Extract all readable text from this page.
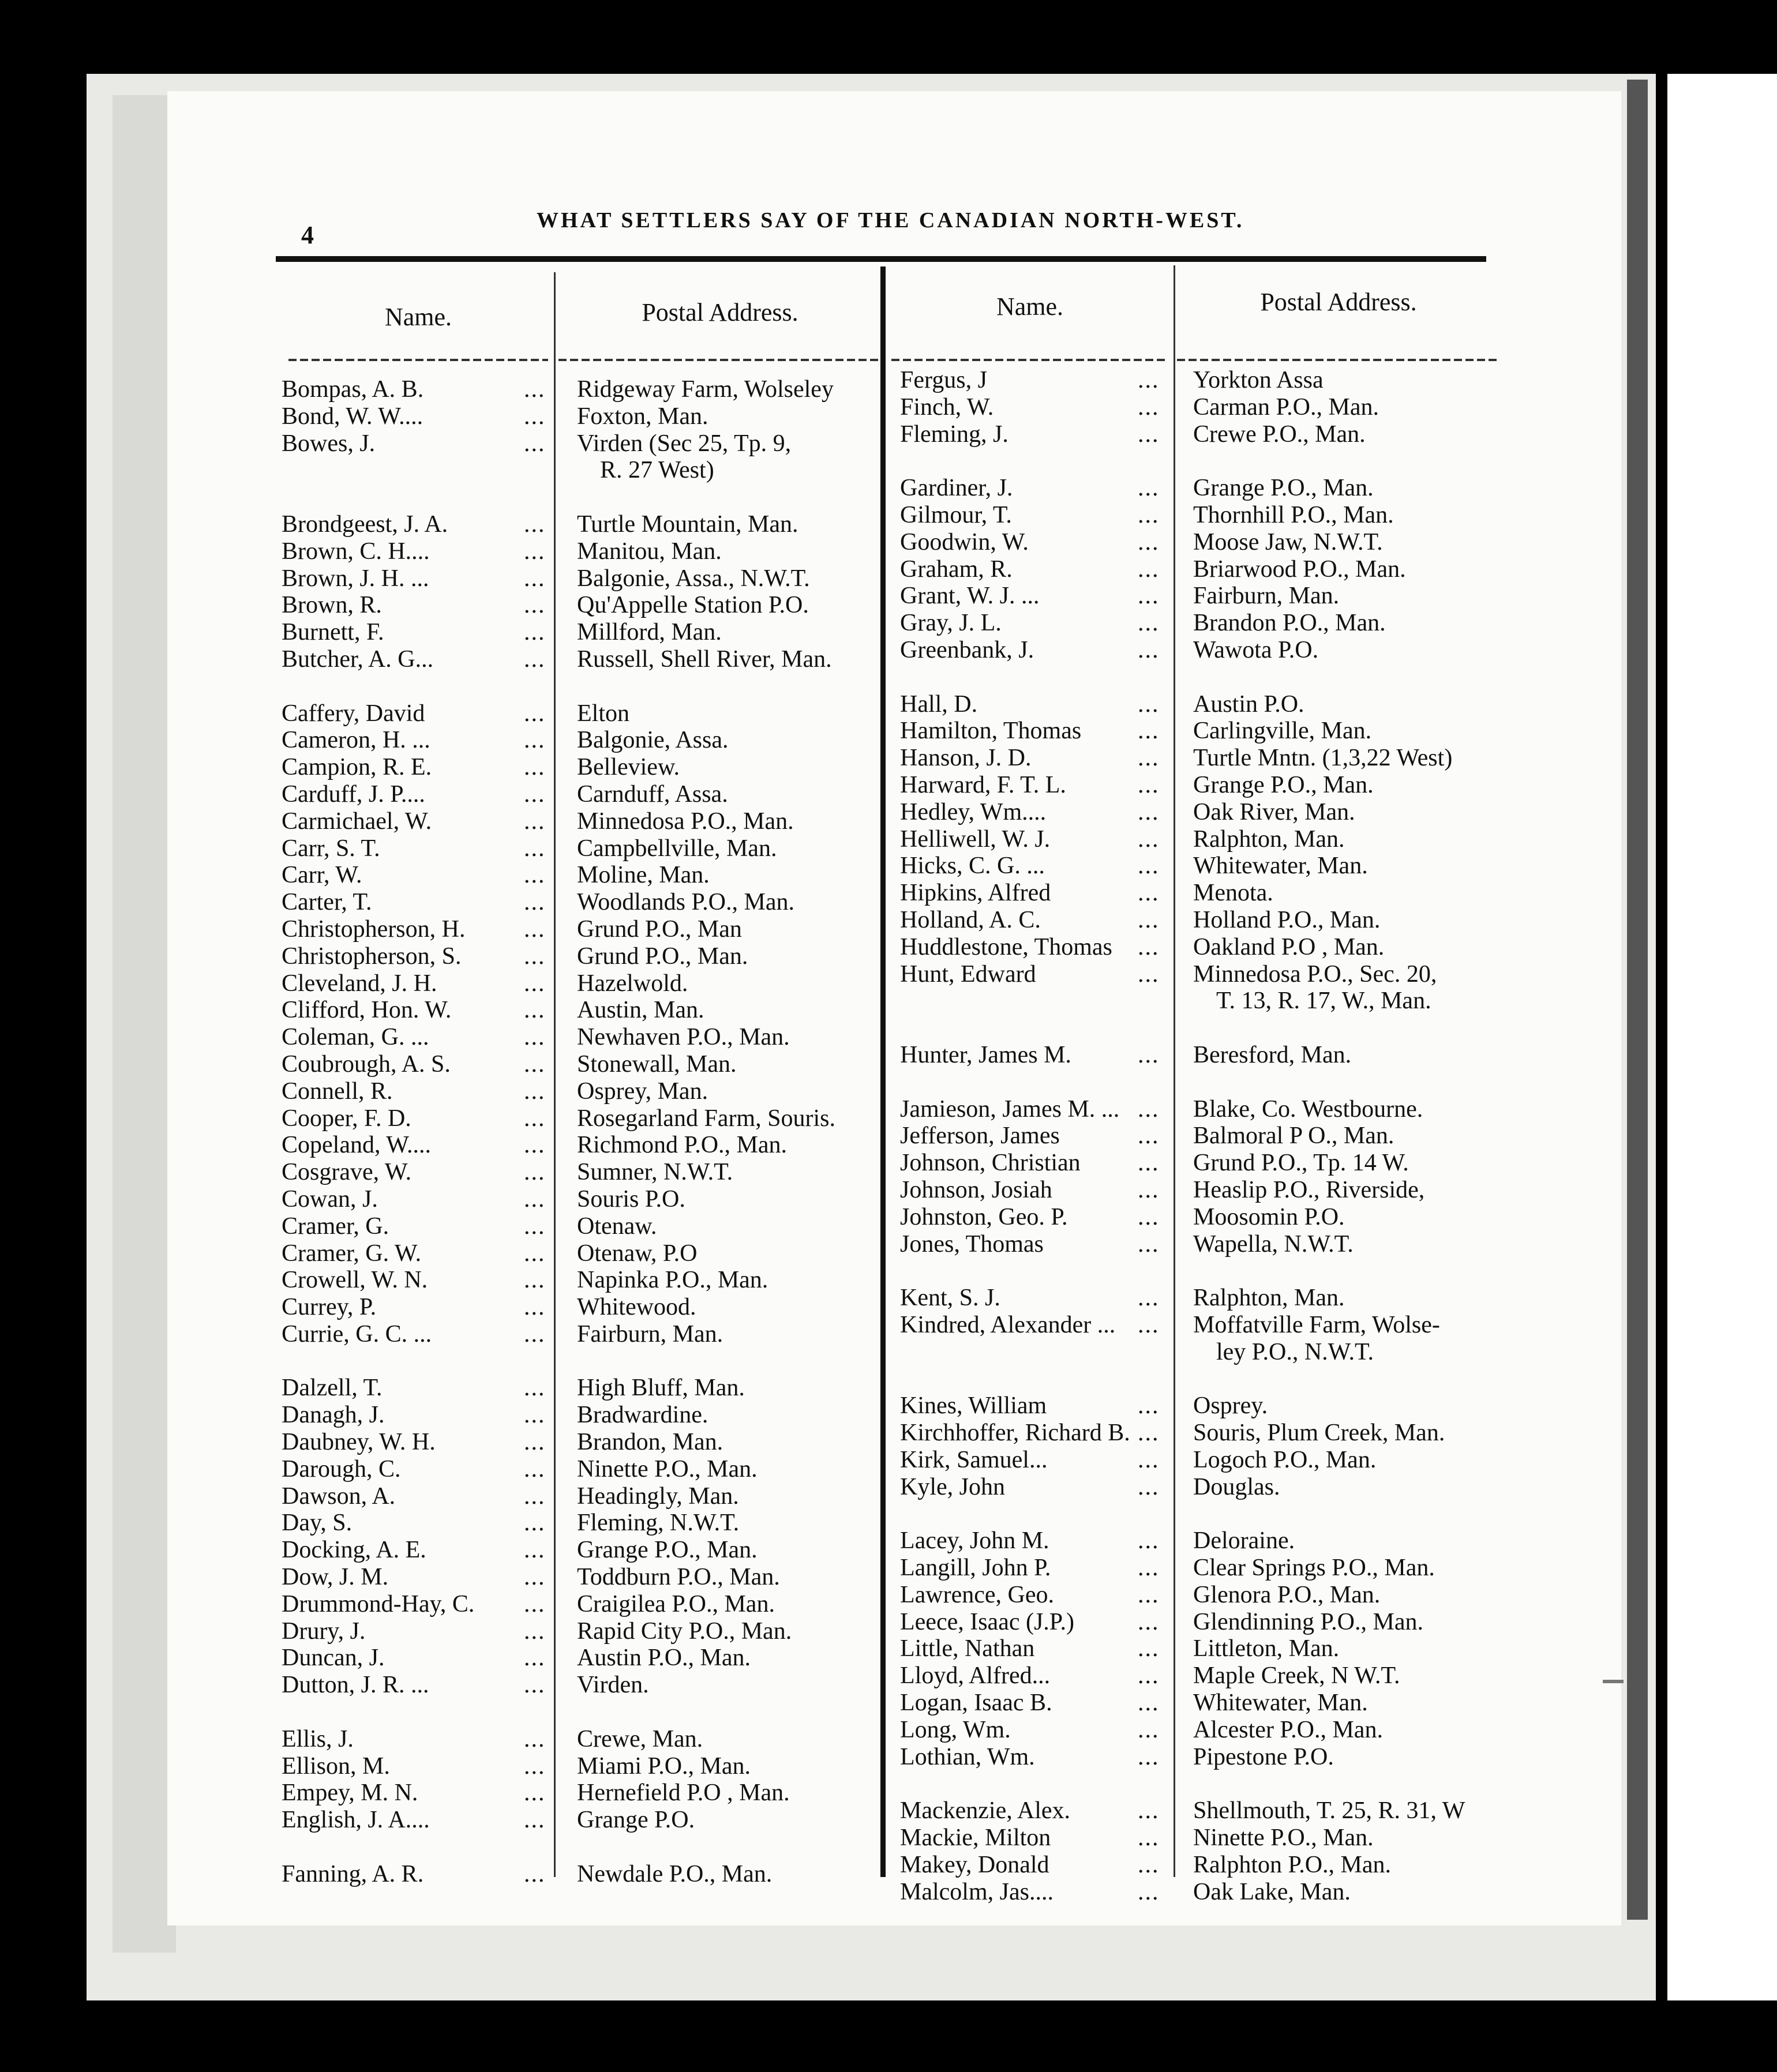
4
WHAT SETTLERS SAY OF THE CANADIAN NORTH-WEST.
Name.	Postal Address.	Name.	Postal Address.
Bompas, A. B.	... Ridgeway Farm, Wolseley
Bond, W. W....	... Foxton, Man.
Bowes, J.	... Virden (Sec 25, Tp. 9,
R. 27 West)
Brondgeest, J. A.	... Turtle Mountain, Man.
Brown, C. H....	... Manitou, Man.
Brown, J. H. ...	... Balgonie, Assa., N.W.T.
Brown, R.	... Qu'Appelle Station P.O.
Burnett, F.	... Millford, Man.
Butcher, A. G...	... Russell, Shell River, Man.
Caffery, David	... Elton
Cameron, H. ...	... Balgonie, Assa.
Campion, R. E.	... Belleview.
Carduff, J. P....	... Carnduff, Assa.
Carmichael, W.	... Minnedosa P.O., Man.
Carr, S. T.	... Campbellville, Man.
Carr, W.	... Moline, Man.
Carter, T.	... Woodlands P.O., Man.
Christopherson, H. ... Grund P.O., Man
Christopherson, S.	... Grund P.O., Man.
Cleveland, J. H.	... Hazelwold.
Clifford, Hon. W.	... Austin, Man.
Coleman, G. ...	... Newhaven P.O., Man.
Coubrough, A. S.	... Stonewall, Man.
Connell, R.	... Osprey, Man.
Cooper, F. D.	... Rosegarland Farm, Souris.
Copeland, W....	... Richmond P.O., Man.
Cosgrave, W.	... Sumner, N.W.T.
Cowan, J.	... Souris P.O.
Cramer, G.	... Otenaw.
Cramer, G. W.	... Otenaw, P.O
Crowell, W. N.	... Napinka P.O., Man.
Currey, P.	... Whitewood.
Currie, G. C. ...	... Fairburn, Man.
Dalzell, T.	... High Bluff, Man.
Danagh, J.	... Bradwardine.
Daubney, W. H.	... Brandon, Man.
Darough, C.	... Ninette P.O., Man.
Dawson, A.	... Headingly, Man.
Day, S.	... Fleming, N.W.T.
Docking, A. E.	... Grange P.O., Man.
Dow, J. M.	... Toddburn P.O., Man.
Drummond-Hay, C. ... Craigilea P.O., Man.
Drury, J.	... Rapid City P.O., Man.
Duncan, J.	... Austin P.O., Man.
Dutton, J. R. ...	... Virden.
Ellis, J.	... Crewe, Man.
Ellison, M.	... Miami P.O., Man.
Empey, M. N.	... Hernefield P.O , Man.
English, J. A....	... Grange P.O.
Fanning, A. R.	... Newdale P.O., Man.
Fergus, J	... Yorkton Assa
Finch, W.	... Carman P.O., Man.
Fleming, J.	... Crewe P.O., Man.
Gardiner, J.	... Grange P.O., Man.
Gilmour, T.	... Thornhill P.O., Man.
Goodwin, W.	... Moose Jaw, N.W.T.
Graham, R.	... Briarwood P.O., Man.
Grant, W. J. ...	... Fairburn, Man.
Gray, J. L.	... Brandon P.O., Man.
Greenbank, J.	... Wawota P.O.
Hall, D.	... Austin P.O.
Hamilton, Thomas ... Carlingville, Man.
Hanson, J. D.	... Turtle Mntn. (1,3,22 West)
Harward, F. T. L.	... Grange P.O., Man.
Hedley, Wm....	... Oak River, Man.
Helliwell, W. J.	... Ralphton, Man.
Hicks, C. G. ...	... Whitewater, Man.
Hipkins, Alfred	... Menota.
Holland, A. C.	... Holland P.O., Man.
Huddlestone, Thomas ... Oakland P.O , Man.
Hunt, Edward	... Minnedosa P.O., Sec. 20,
T. 13, R. 17, W., Man.
Hunter, James M.	... Beresford, Man.
Jamieson, James M. ... ... Blake, Co. Westbourne.
Jefferson, James	... Balmoral P O., Man.
Johnson, Christian ... Grund P.O., Tp. 14 W.
Johnson, Josiah	... Heaslip P.O., Riverside,
Johnston, Geo. P.	... Moosomin P.O.
Jones, Thomas	... Wapella, N.W.T.
Kent, S. J.	... Ralphton, Man.
Kindred, Alexander ... ... Moffatville Farm, Wolse-
ley P.O., N.W.T.
Kines, William	... Osprey.
Kirchhoffer, Richard B. ... Souris, Plum Creek, Man.
Kirk, Samuel...	... Logoch P.O., Man.
Kyle, John	... Douglas.
Lacey, John M.	... Deloraine.
Langill, John P.	... Clear Springs P.O., Man.
Lawrence, Geo.	... Glenora P.O., Man.
Leece, Isaac (J.P.)	... Glendinning P.O., Man.
Little, Nathan	... Littleton, Man.
Lloyd, Alfred...	... Maple Creek, N W.T.
Logan, Isaac B.	... Whitewater, Man.
Long, Wm.	... Alcester P.O., Man.
Lothian, Wm.	... Pipestone P.O.
Mackenzie, Alex.	... Shellmouth, T. 25, R. 31, W
Mackie, Milton	... Ninette P.O., Man.
Makey, Donald	... Ralphton P.O., Man.
Malcolm, Jas....	... Oak Lake, Man.
